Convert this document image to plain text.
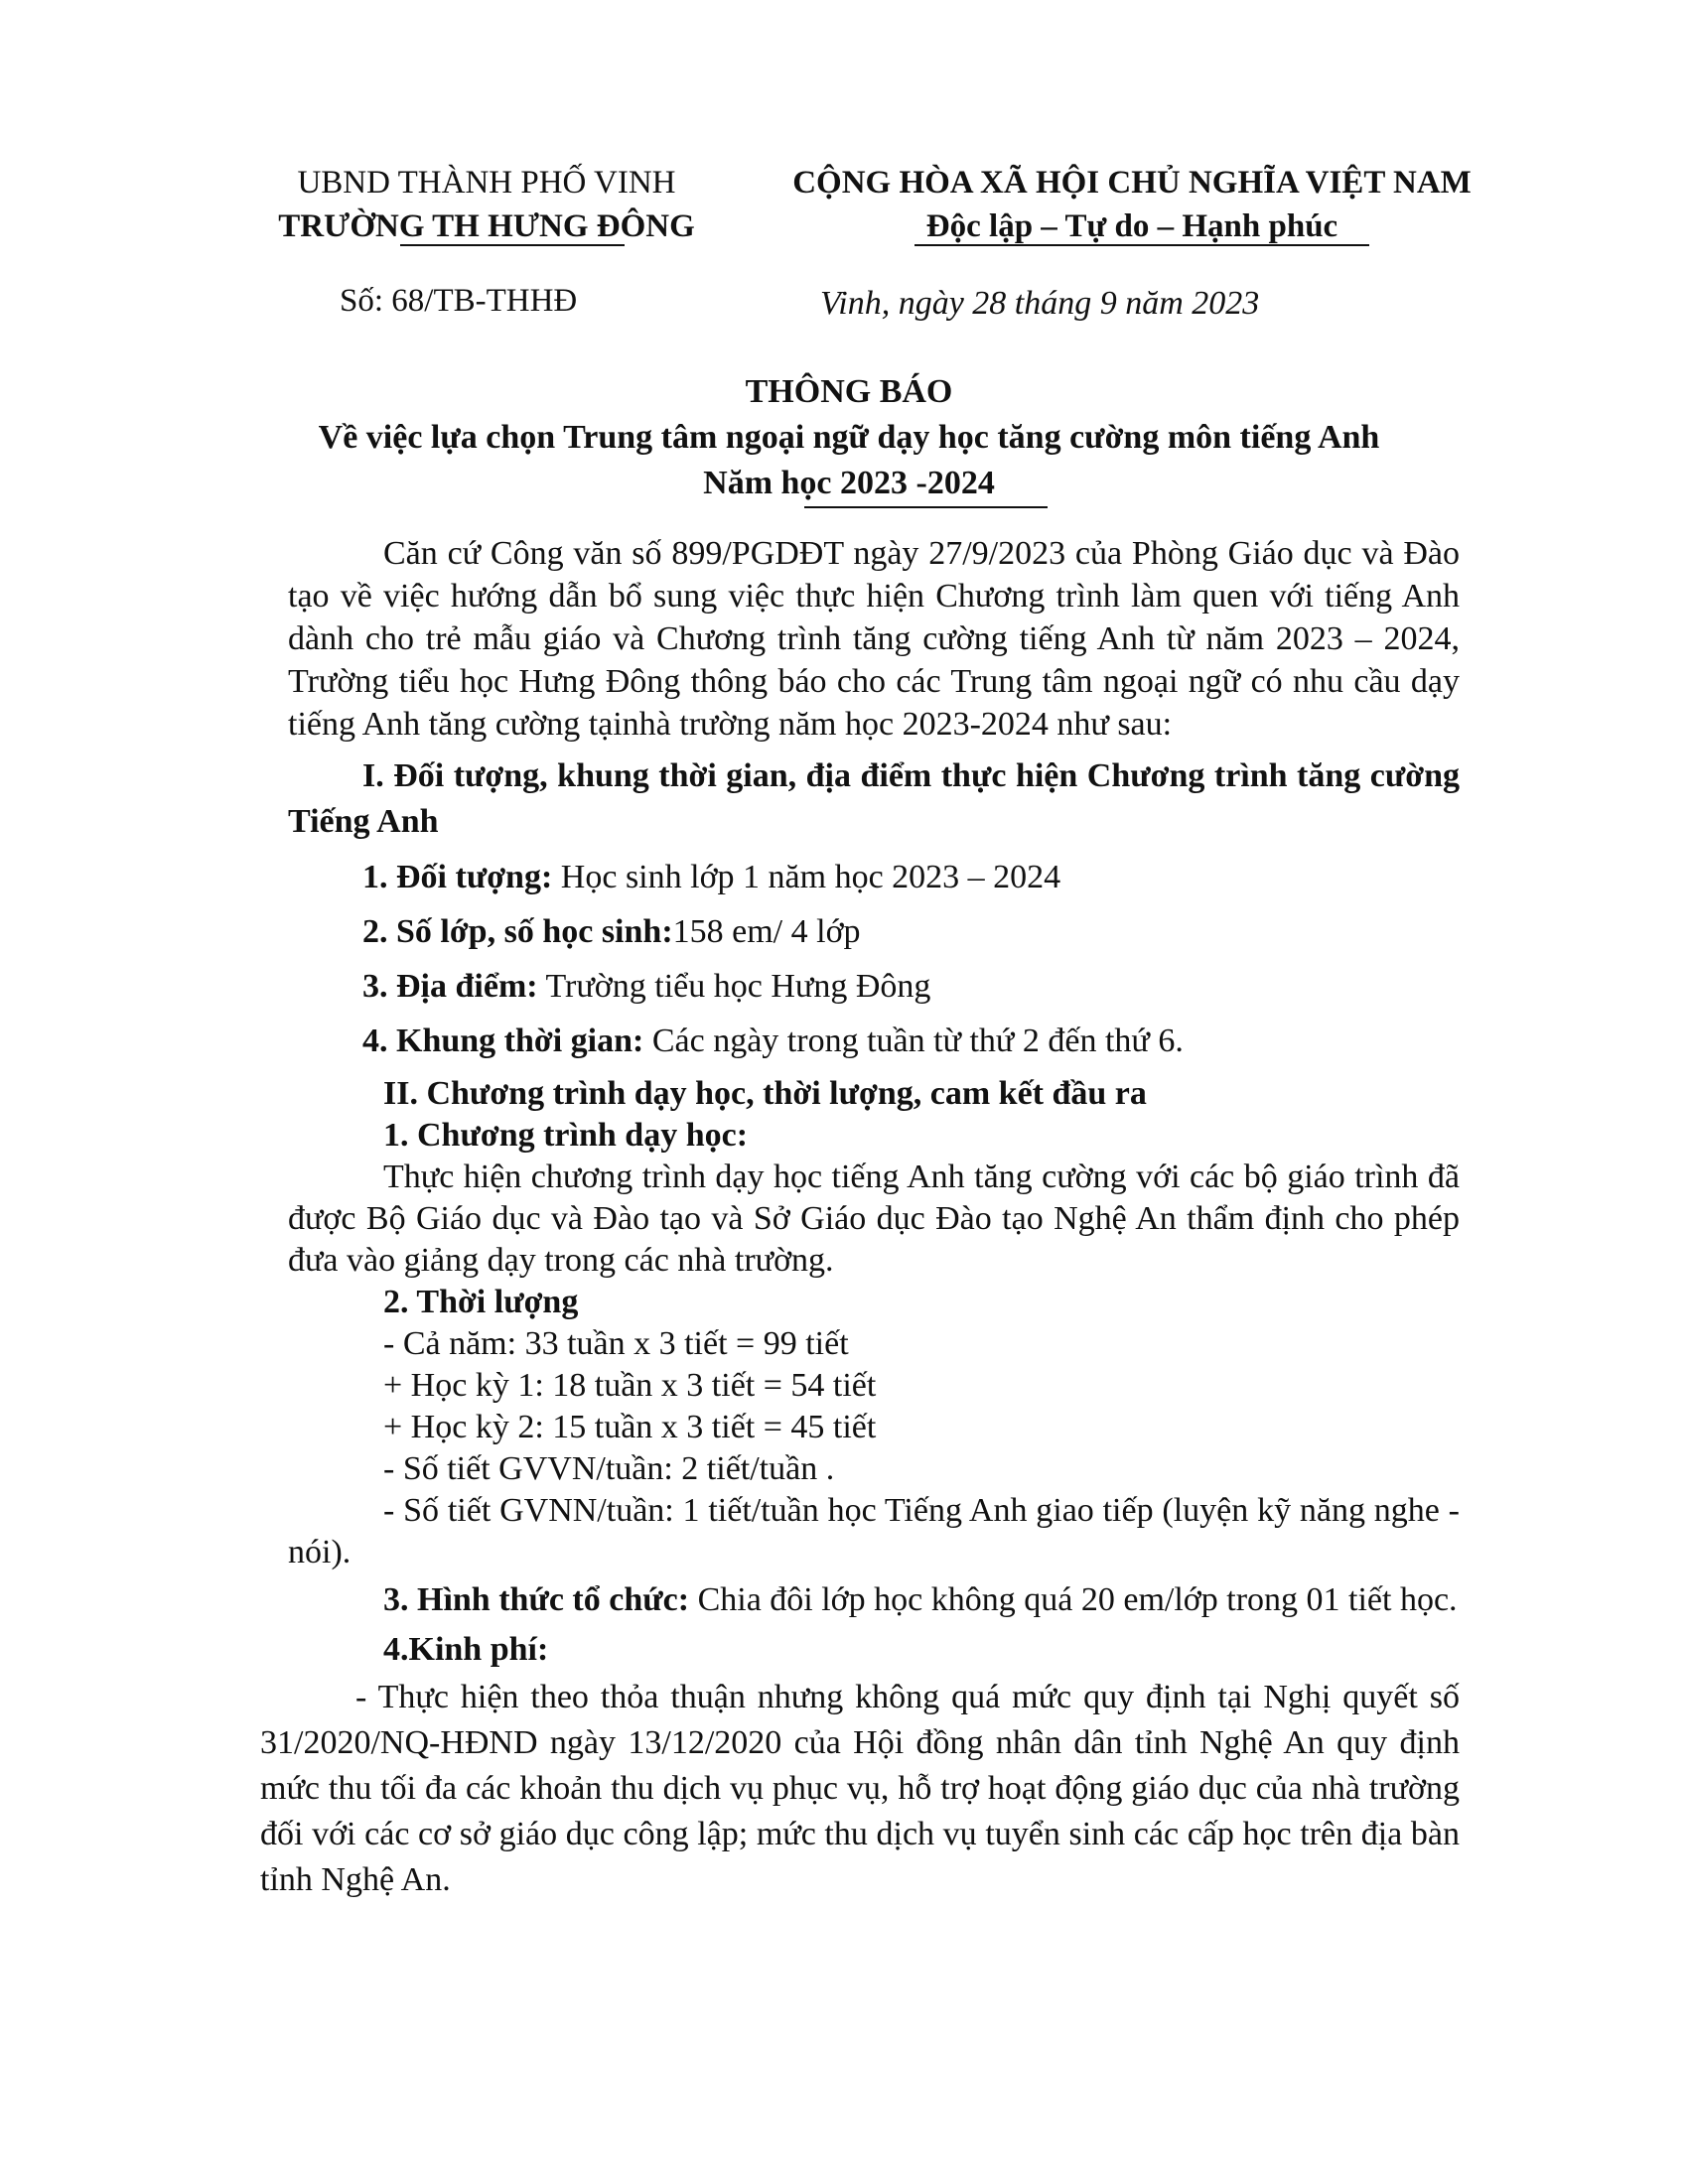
UBND THÀNH PHỐ VINH
TRƯỜNG TH HƯNG ĐÔNG
CỘNG HÒA XÃ HỘI CHỦ NGHĨA VIỆT NAM
Độc lập – Tự do – Hạnh phúc
Số: 68/TB-THHĐ	Vinh, ngày 28 tháng 9 năm 2023
THÔNG BÁO
Về việc lựa chọn Trung tâm ngoại ngữ dạy học tăng cường môn tiếng Anh
Năm học 2023 -2024

Căn cứ Công văn số 899/PGDĐT ngày 27/9/2023 của Phòng Giáo dục và Đào tạo về việc hướng dẫn bổ sung việc thực hiện Chương trình làm quen với tiếng Anh dành cho trẻ mẫu giáo và Chương trình tăng cường tiếng Anh từ năm 2023 – 2024, Trường tiểu học Hưng Đông thông báo cho các Trung tâm ngoại ngữ có nhu cầu dạy tiếng Anh tăng cường tạinhà trường năm học 2023-2024 như sau:

I. Đối tượng, khung thời gian, địa điểm thực hiện Chương trình tăng cường Tiếng Anh

1. Đối tượng: Học sinh lớp 1 năm học 2023 – 2024
2. Số lớp, số học sinh:158 em/ 4 lớp
3. Địa điểm: Trường tiểu học Hưng Đông
4. Khung thời gian: Các ngày trong tuần từ thứ 2 đến thứ 6.
II. Chương trình dạy học, thời lượng, cam kết đầu ra
1. Chương trình dạy học:

Thực hiện chương trình dạy học tiếng Anh tăng cường với các bộ giáo trình đã được Bộ Giáo dục và Đào tạo và Sở Giáo dục Đào tạo Nghệ An thẩm định cho phép đưa vào giảng dạy trong các nhà trường.

2. Thời lượng
- Cả năm: 33 tuần x 3 tiết = 99 tiết
+ Học kỳ 1: 18 tuần x 3 tiết = 54 tiết
+ Học kỳ 2: 15 tuần x 3 tiết = 45 tiết
- Số tiết GVVN/tuần: 2 tiết/tuần .

- Số tiết GVNN/tuần: 1 tiết/tuần học Tiếng Anh giao tiếp (luyện kỹ năng nghe - nói).

3. Hình thức tổ chức: Chia đôi lớp học không quá 20 em/lớp trong 01 tiết học.

4.Kinh phí:

- Thực hiện theo thỏa thuận nhưng không quá mức quy định tại Nghị quyết số 31/2020/NQ-HĐND ngày 13/12/2020 của Hội đồng nhân dân tỉnh Nghệ An quy định mức thu tối đa các khoản thu dịch vụ phục vụ, hỗ trợ hoạt động giáo dục của nhà trường đối với các cơ sở giáo dục công lập; mức thu dịch vụ tuyển sinh các cấp học trên địa bàn tỉnh Nghệ An.
